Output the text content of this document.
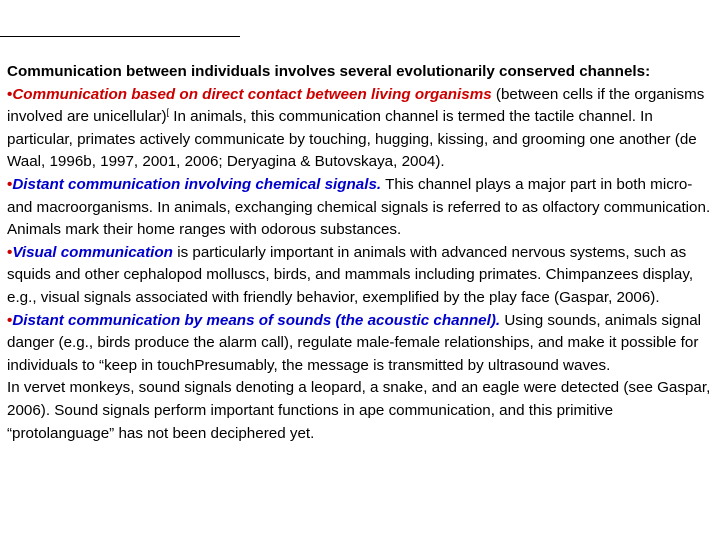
Communication between individuals involves several evolutionarily conserved channels:

•Communication based on direct contact between living organisms (between cells if the organisms involved are unicellular)[ In animals, this communication channel is termed the tactile channel. In particular, primates actively communicate by touching, hugging, kissing, and grooming one another (de Waal, 1996b, 1997, 2001, 2006; Deryagina & Butovskaya, 2004).

•Distant communication involving chemical signals. This channel plays a major part in both micro- and macroorganisms. In animals, exchanging chemical signals is referred to as olfactory communication. Animals mark their home ranges with odorous substances.

•Visual communication is particularly important in animals with advanced nervous systems, such as squids and other cephalopod molluscs, birds, and mammals including primates. Chimpanzees display, e.g., visual signals associated with friendly behavior, exemplified by the play face (Gaspar, 2006).

•Distant communication by means of sounds (the acoustic channel). Using sounds, animals signal danger (e.g., birds produce the alarm call), regulate male-female relationships, and make it possible for individuals to “keep in touchPresumably, the message is transmitted by ultrasound waves.

In vervet monkeys, sound signals denoting a leopard, a snake, and an eagle were detected (see Gaspar, 2006). Sound signals perform important functions in ape communication, and this primitive “protolanguage” has not been deciphered yet.
